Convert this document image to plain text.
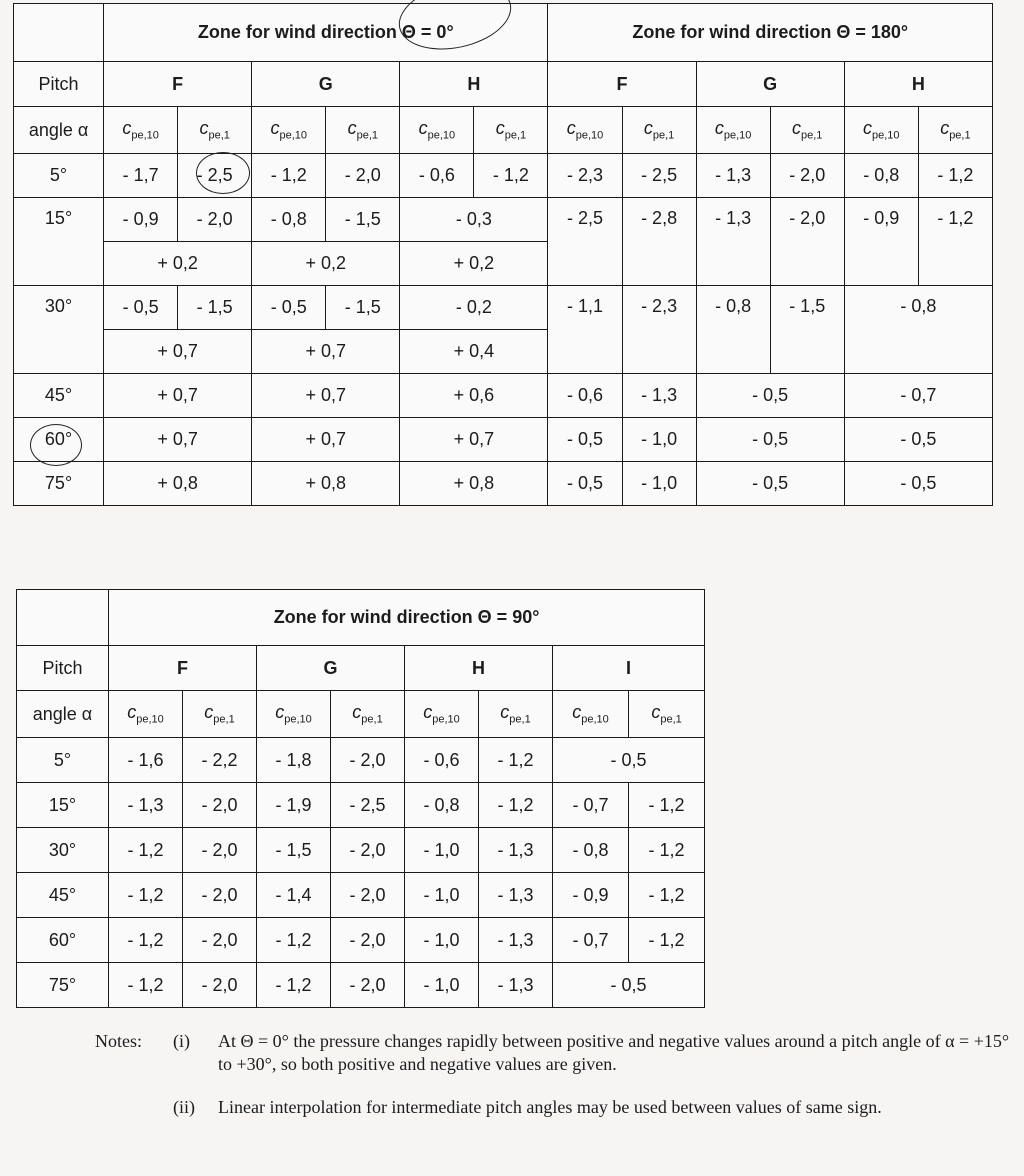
	Zone for wind direction Θ = 0°						Zone for wind direction Θ = 180°					
Pitch	F		G		H		F		G		H	
angle α	$c_{pe,10}$	$c_{pe,1}$	$c_{pe,10}$	$c_{pe,1}$	$c_{pe,10}$	$c_{pe,1}$	$c_{pe,10}$	$c_{pe,1}$	$c_{pe,10}$	$c_{pe,1}$	$c_{pe,10}$	$c_{pe,1}$
5°	- 1,7	- 2,5	- 1,2	- 2,0	- 0,6	- 1,2	- 2,3	- 2,5	- 1,3	- 2,0	- 0,8	- 1,2
15°	- 0,9	- 2,0	- 0,8	- 1,5	- 0,3		- 2,5	- 2,8	- 1,3	- 2,0	- 0,9	- 1,2
	+ 0,2		+ 0,2		+ 0,2							
30°	- 0,5	- 1,5	- 0,5	- 1,5	- 0,2		- 1,1	- 2,3	- 0,8	- 1,5	- 0,8	
	+ 0,7		+ 0,7		+ 0,4							
45°	+ 0,7		+ 0,7		+ 0,6		- 0,6	- 1,3	- 0,5		- 0,7	
60°	+ 0,7		+ 0,7		+ 0,7		- 0,5	- 1,0	- 0,5		- 0,5	
75°	+ 0,8		+ 0,8		+ 0,8		- 0,5	- 1,0	- 0,5		- 0,5	
	Zone for wind direction Θ = 90°							
Pitch	F		G		H		I	
angle α	$c_{pe,10}$	$c_{pe,1}$	$c_{pe,10}$	$c_{pe,1}$	$c_{pe,10}$	$c_{pe,1}$	$c_{pe,10}$	$c_{pe,1}$
5°	- 1,6	- 2,2	- 1,8	- 2,0	- 0,6	- 1,2	- 0,5	
15°	- 1,3	- 2,0	- 1,9	- 2,5	- 0,8	- 1,2	- 0,7	- 1,2
30°	- 1,2	- 2,0	- 1,5	- 2,0	- 1,0	- 1,3	- 0,8	- 1,2
45°	- 1,2	- 2,0	- 1,4	- 2,0	- 1,0	- 1,3	- 0,9	- 1,2
60°	- 1,2	- 2,0	- 1,2	- 2,0	- 1,0	- 1,3	- 0,7	- 1,2
75°	- 1,2	- 2,0	- 1,2	- 2,0	- 1,0	- 1,3	- 0,5	
Notes:	(i)	At Θ = 0° the pressure changes rapidly between positive and negative values around a pitch angle of α = +15° to +30°, so both positive and negative values are given.
(ii)	Linear interpolation for intermediate pitch angles may be used between values of same sign.
